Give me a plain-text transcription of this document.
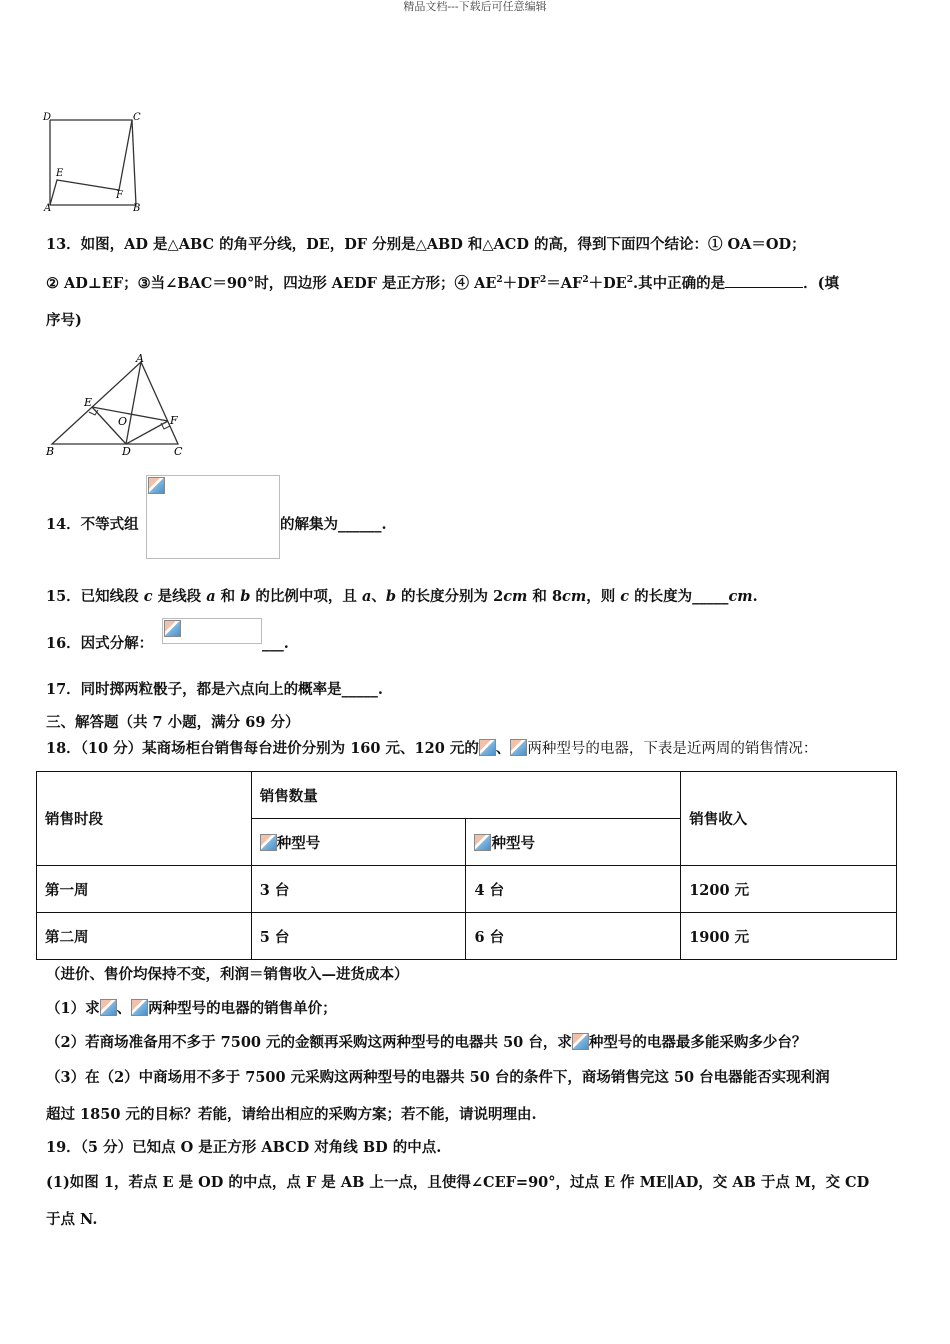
精品文档---下载后可任意编辑
D	C
E
F
A	B
13．如图，AD 是△ABC 的角平分线，DE，DF 分别是△ABD 和△ACD 的高，得到下面四个结论：① OA＝OD；
② AD⊥EF；③当∠BAC＝90°时，四边形 AEDF 是正方形；④ $AE^2+DF^2=AF^2+DE^2$.其中正确的是	．(填
序号)
A
E
O	F
B	D	C
14．不等式组	的解集为______.
15．已知线段 c 是线段 a 和 b 的比例中项，且 a、b 的长度分别为 2cm 和 8cm，则 c 的长度为_____cm.
16．因式分解：	___.
17．同时掷两粒骰子，都是六点向上的概率是_____.
三、解答题（共 7 小题，满分 69 分）
18．（10 分）某商场柜台销售每台进价分别为 160 元、120 元的 、 两种型号的电器，下表是近两周的销售情况：
销售时段	销售数量		销售收入
	种型号	种型号	
第一周	3 台	4 台	1200 元
第二周	5 台	6 台	1900 元
（进价、售价均保持不变，利润＝销售收入—进货成本）
（1）求 、 两种型号的电器的销售单价；
（2）若商场准备用不多于 7500 元的金额再采购这两种型号的电器共 50 台，求 种型号的电器最多能采购多少台？
（3）在（2）中商场用不多于 7500 元采购这两种型号的电器共 50 台的条件下，商场销售完这 50 台电器能否实现利润
超过 1850 元的目标？若能，请给出相应的采购方案；若不能，请说明理由.
19．（5 分）已知点 O 是正方形 ABCD 对角线 BD 的中点.
(1)如图 1，若点 E 是 OD 的中点，点 F 是 AB 上一点，且使得∠CEF=90°，过点 E 作 ME∥AD，交 AB 于点 M，交 CD
于点 N.
